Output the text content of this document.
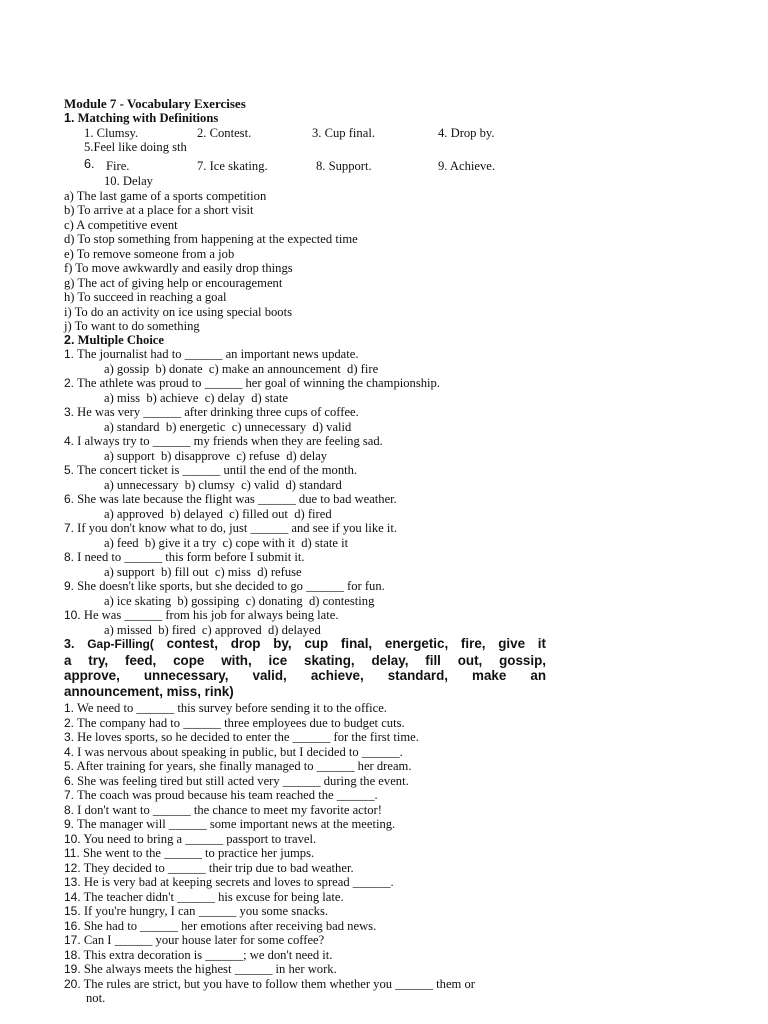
Module 7 - Vocabulary Exercises
1. Matching with Definitions
1. Clumsy.	2. Contest.	3. Cup final.	4. Drop by.
5.Feel like doing sth
6. Fire.	7. Ice skating.	8. Support.	9. Achieve.
10. Delay
a) The last game of a sports competition
b) To arrive at a place for a short visit
c) A competitive event
d) To stop something from happening at the expected time
e) To remove someone from a job
f) To move awkwardly and easily drop things
g) The act of giving help or encouragement
h) To succeed in reaching a goal
i) To do an activity on ice using special boots
j) To want to do something
2. Multiple Choice
1. The journalist had to ______ an important news update.
a) gossip  b) donate  c) make an announcement  d) fire
2. The athlete was proud to ______ her goal of winning the championship.
a) miss  b) achieve  c) delay  d) state
3. He was very ______ after drinking three cups of coffee.
a) standard  b) energetic  c) unnecessary  d) valid
4. I always try to ______ my friends when they are feeling sad.
a) support  b) disapprove  c) refuse  d) delay
5. The concert ticket is ______ until the end of the month.
a) unnecessary  b) clumsy  c) valid  d) standard
6. She was late because the flight was ______ due to bad weather.
a) approved  b) delayed  c) filled out  d) fired
7. If you don't know what to do, just ______ and see if you like it.
a) feed  b) give it a try  c) cope with it  d) state it
8. I need to ______ this form before I submit it.
a) support  b) fill out  c) miss  d) refuse
9. She doesn't like sports, but she decided to go ______ for fun.
a) ice skating  b) gossiping  c) donating  d) contesting
10. He was ______ from his job for always being late.
a) missed  b) fired  c) approved  d) delayed
3. Gap-Filling( contest, drop by, cup final, energetic, fire, give it
a try, feed, cope with, ice skating, delay, fill out, gossip,
approve, unnecessary, valid, achieve, standard, make an
announcement, miss, rink)
1. We need to ______ this survey before sending it to the office.
2. The company had to ______ three employees due to budget cuts.
3. He loves sports, so he decided to enter the ______ for the first time.
4. I was nervous about speaking in public, but I decided to ______.
5. After training for years, she finally managed to ______ her dream.
6. She was feeling tired but still acted very ______ during the event.
7. The coach was proud because his team reached the ______.
8. I don't want to ______ the chance to meet my favorite actor!
9. The manager will ______ some important news at the meeting.
10. You need to bring a ______ passport to travel.
11. She went to the ______ to practice her jumps.
12. They decided to ______ their trip due to bad weather.
13. He is very bad at keeping secrets and loves to spread ______.
14. The teacher didn't ______ his excuse for being late.
15. If you're hungry, I can ______ you some snacks.
16. She had to ______ her emotions after receiving bad news.
17. Can I ______ your house later for some coffee?
18. This extra decoration is ______; we don't need it.
19. She always meets the highest ______ in her work.
20. The rules are strict, but you have to follow them whether you ______ them or
not.
